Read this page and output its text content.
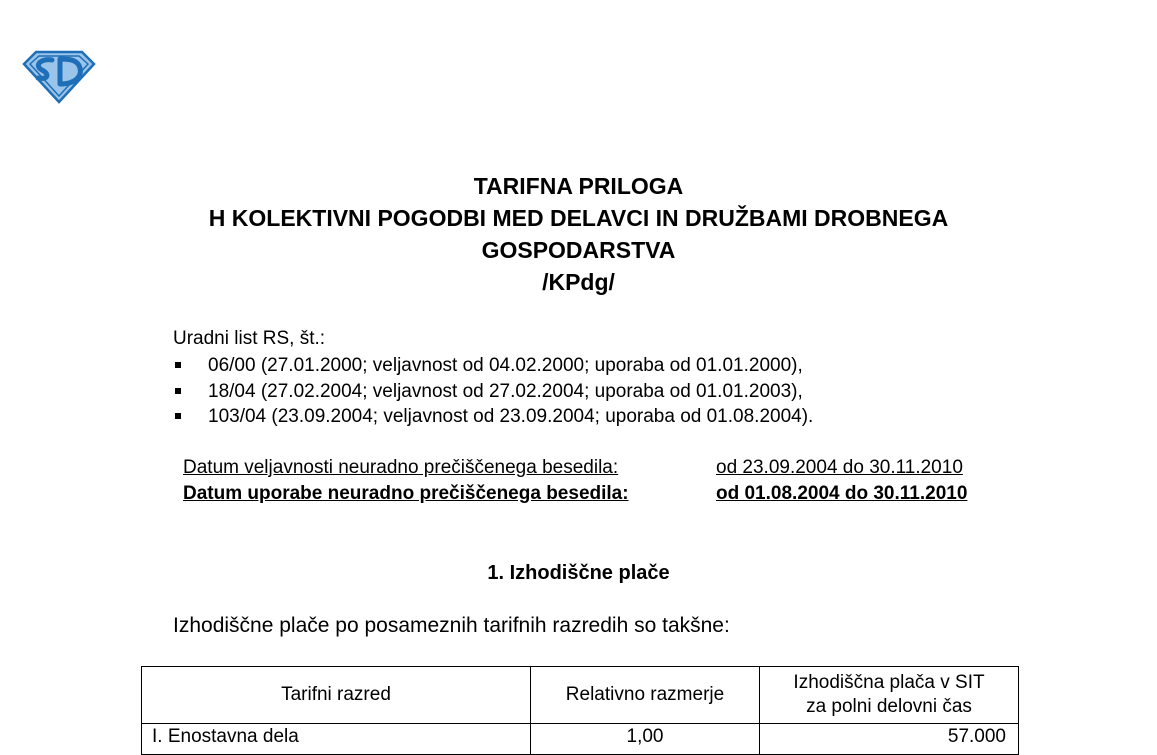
TARIFNA PRILOGA

H KOLEKTIVNI POGODBI MED DELAVCI IN DRUŽBAMI DROBNEGA

GOSPODARSTVA

/KPdg/

Uradni list RS, št.:
06/00 (27.01.2000; veljavnost od 04.02.2000; uporaba od 01.01.2000),
18/04 (27.02.2004; veljavnost od 27.02.2004; uporaba od 01.01.2003),
103/04 (23.09.2004; veljavnost od 23.09.2004; uporaba od 01.08.2004).
Datum veljavnosti neuradno prečiščenega besedila:	od 23.09.2004 do 30.11.2010
Datum uporabe neuradno prečiščenega besedila:	od 01.08.2004 do 30.11.2010
1. Izhodiščne plače
Izhodiščne plače po posameznih tarifnih razredih so takšne:
Tarifni razred	Relativno razmerje	Izhodiščna plača v SIT
za polni delovni čas
I. Enostavna dela	1,00	57.000
